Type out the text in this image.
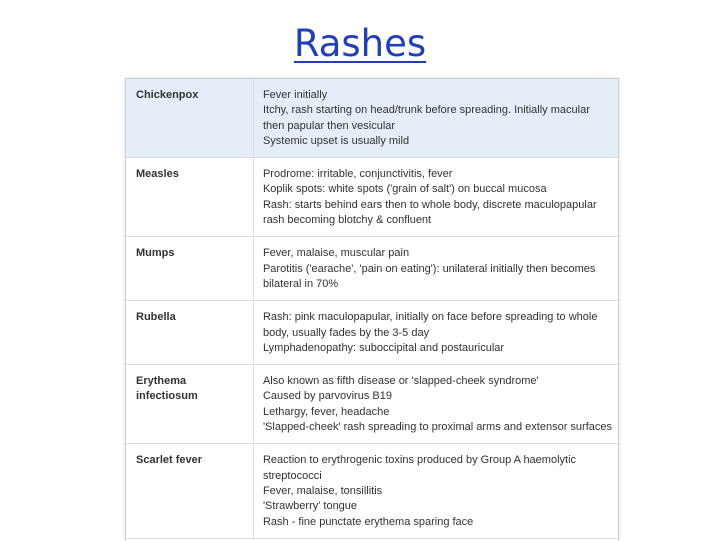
Rashes
Chickenpox	Fever initially
Itchy, rash starting on head/trunk before spreading. Initially macular
then papular then vesicular
Systemic upset is usually mild

Measles	Prodrome: irritable, conjunctivitis, fever
Koplik spots: white spots ('grain of salt') on buccal mucosa
Rash: starts behind ears then to whole body, discrete maculopapular
rash becoming blotchy & confluent

Mumps	Fever, malaise, muscular pain
Parotitis ('earache', 'pain on eating'): unilateral initially then becomes
bilateral in 70%

Rubella	Rash: pink maculopapular, initially on face before spreading to whole
body, usually fades by the 3-5 day
Lymphadenopathy: suboccipital and postauricular

Erythema
infectiosum	Also known as fifth disease or 'slapped-cheek syndrome'
Caused by parvovirus B19
Lethargy, fever, headache
'Slapped-cheek' rash spreading to proximal arms and extensor surfaces

Scarlet fever	Reaction to erythrogenic toxins produced by Group A haemolytic
streptococci
Fever, malaise, tonsillitis
'Strawberry' tongue
Rash - fine punctate erythema sparing face
